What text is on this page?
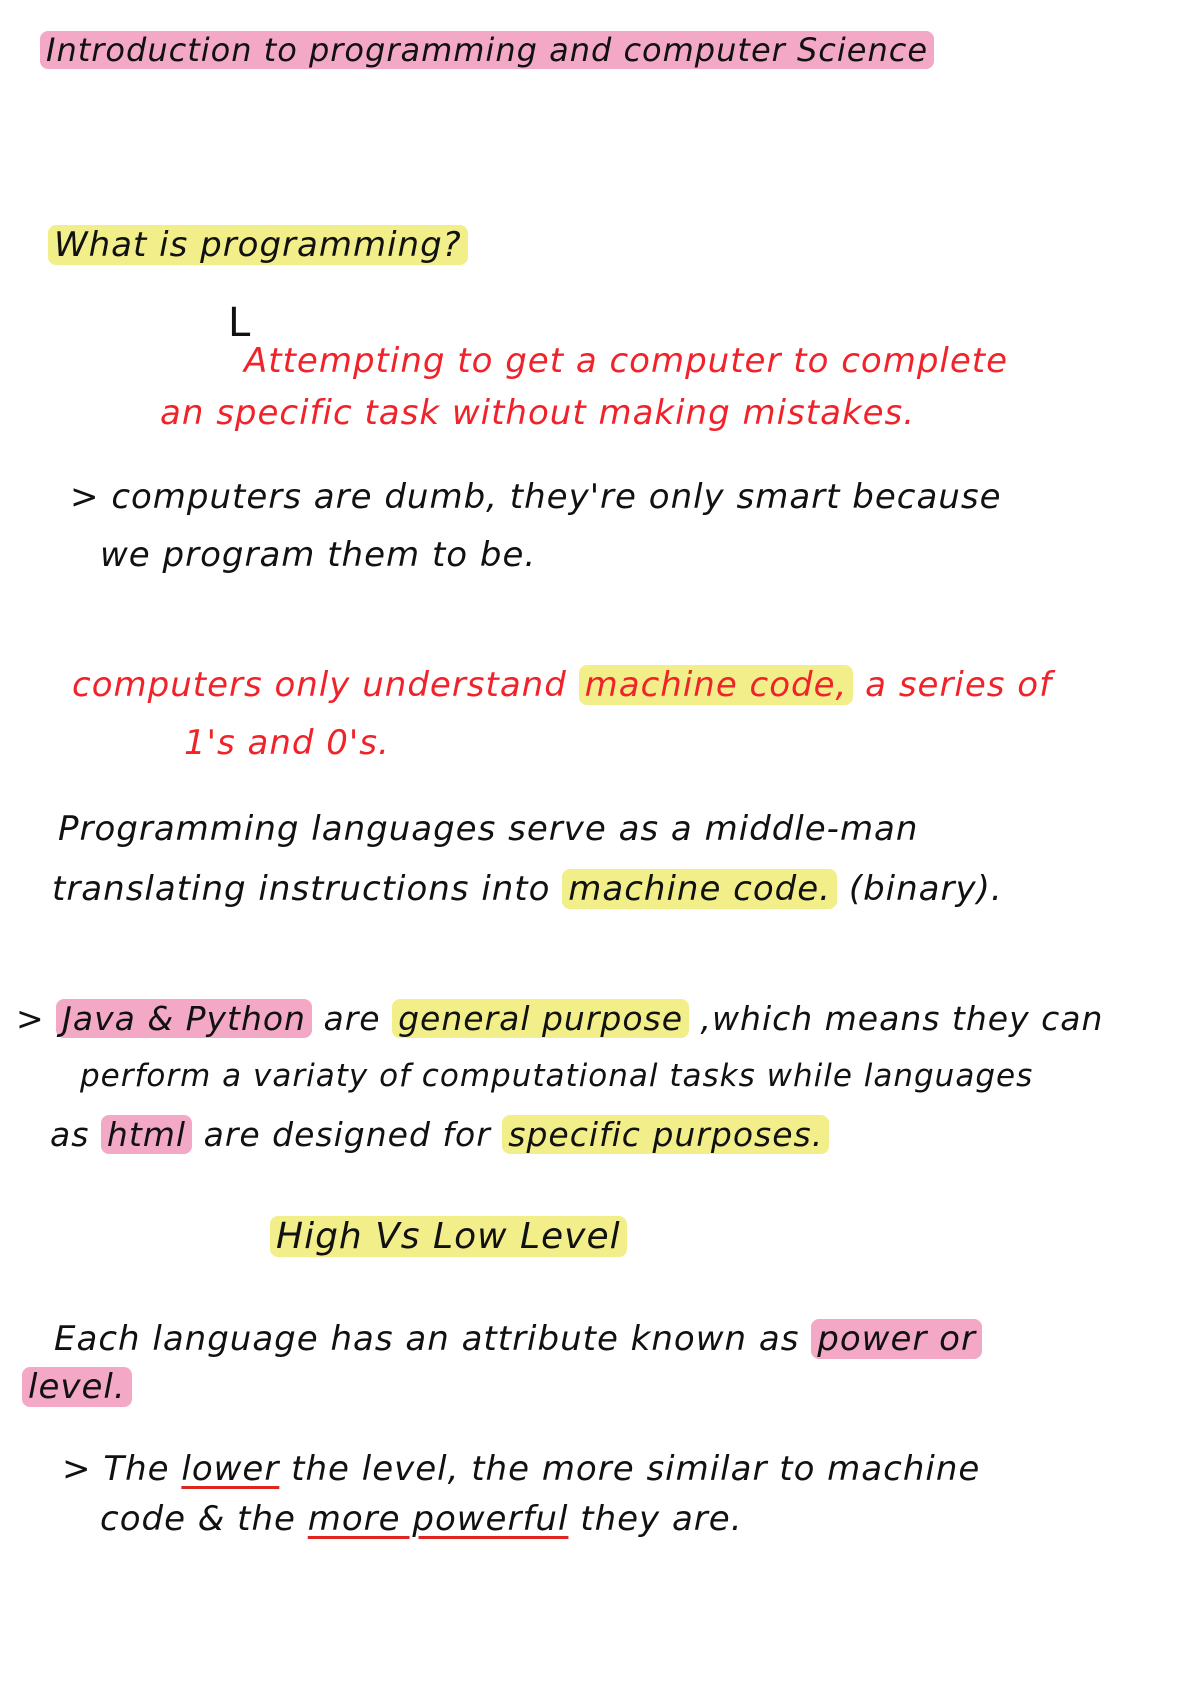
Introduction to programming and computer Science
What is programming?
L
Attempting to get a computer to complete
an specific task without making mistakes.
> computers are dumb, they're only smart because
we program them to be.
computers only understand machine code, a series of
1's and 0's.
Programming languages serve as a middle-man
translating instructions into machine code. (binary).
> Java & Python are general purpose ,which means they can
perform a variaty of computational tasks while languages
as html are designed for specific purposes.
High Vs Low Level
Each language has an attribute known as power or
level.
> The lower the level, the more similar to machine
code & the more powerful they are.
